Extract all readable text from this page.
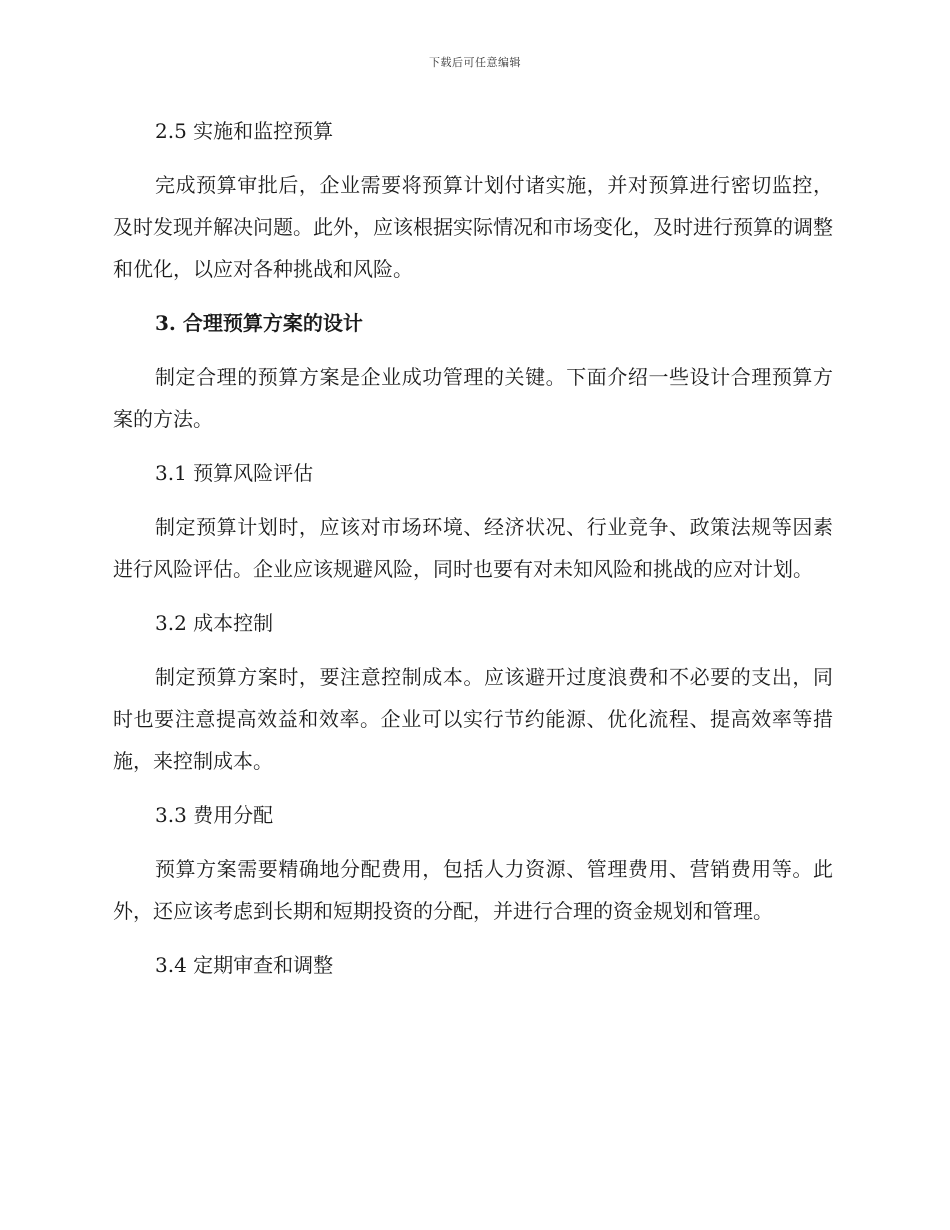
下载后可任意编辑

2.5 实施和监控预算

完成预算审批后，企业需要将预算计划付诸实施，并对预算进行密切监控，及时发现并解决问题。此外，应该根据实际情况和市场变化，及时进行预算的调整和优化，以应对各种挑战和风险。

3. 合理预算方案的设计

制定合理的预算方案是企业成功管理的关键。下面介绍一些设计合理预算方案的方法。

3.1 预算风险评估

制定预算计划时，应该对市场环境、经济状况、行业竞争、政策法规等因素进行风险评估。企业应该规避风险，同时也要有对未知风险和挑战的应对计划。

3.2 成本控制

制定预算方案时，要注意控制成本。应该避开过度浪费和不必要的支出，同时也要注意提高效益和效率。企业可以实行节约能源、优化流程、提高效率等措施，来控制成本。

3.3 费用分配

预算方案需要精确地分配费用，包括人力资源、管理费用、营销费用等。此外，还应该考虑到长期和短期投资的分配，并进行合理的资金规划和管理。

3.4 定期审查和调整
